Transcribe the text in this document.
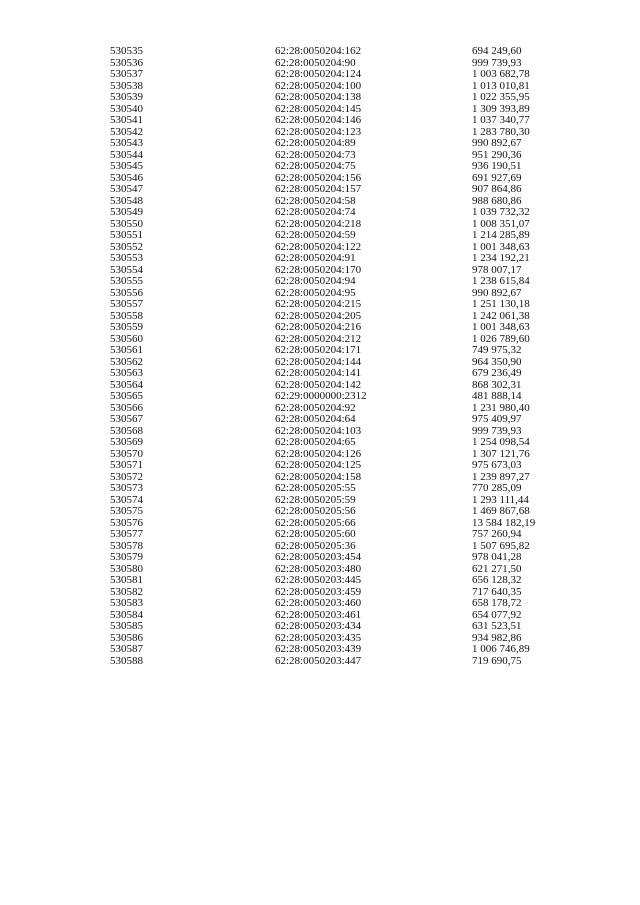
530535	62:28:0050204:162	694 249,60
530536	62:28:0050204:90	999 739,93
530537	62:28:0050204:124	1 003 682,78
530538	62:28:0050204:100	1 013 010,81
530539	62:28:0050204:138	1 022 355,95
530540	62:28:0050204:145	1 309 393,89
530541	62:28:0050204:146	1 037 340,77
530542	62:28:0050204:123	1 283 780,30
530543	62:28:0050204:89	990 892,67
530544	62:28:0050204:73	951 290,36
530545	62:28:0050204:75	936 190,51
530546	62:28:0050204:156	691 927,69
530547	62:28:0050204:157	907 864,86
530548	62:28:0050204:58	988 680,86
530549	62:28:0050204:74	1 039 732,32
530550	62:28:0050204:218	1 008 351,07
530551	62:28:0050204:59	1 214 285,89
530552	62:28:0050204:122	1 001 348,63
530553	62:28:0050204:91	1 234 192,21
530554	62:28:0050204:170	978 007,17
530555	62:28:0050204:94	1 238 615,84
530556	62:28:0050204:95	990 892,67
530557	62:28:0050204:215	1 251 130,18
530558	62:28:0050204:205	1 242 061,38
530559	62:28:0050204:216	1 001 348,63
530560	62:28:0050204:212	1 026 789,60
530561	62:28:0050204:171	749 975,32
530562	62:28:0050204:144	964 350,90
530563	62:28:0050204:141	679 236,49
530564	62:28:0050204:142	868 302,31
530565	62:29:0000000:2312	481 888,14
530566	62:28:0050204:92	1 231 980,40
530567	62:28:0050204:64	975 409,97
530568	62:28:0050204:103	999 739,93
530569	62:28:0050204:65	1 254 098,54
530570	62:28:0050204:126	1 307 121,76
530571	62:28:0050204:125	975 673,03
530572	62:28:0050204:158	1 239 897,27
530573	62:28:0050205:55	770 285,09
530574	62:28:0050205:59	1 293 111,44
530575	62:28:0050205:56	1 469 867,68
530576	62:28:0050205:66	13 584 182,19
530577	62:28:0050205:60	757 260,94
530578	62:28:0050205:36	1 507 695,82
530579	62:28:0050203:454	978 041,28
530580	62:28:0050203:480	621 271,50
530581	62:28:0050203:445	656 128,32
530582	62:28:0050203:459	717 640,35
530583	62:28:0050203:460	658 178,72
530584	62:28:0050203:461	654 077,92
530585	62:28:0050203:434	631 523,51
530586	62:28:0050203:435	934 982,86
530587	62:28:0050203:439	1 006 746,89
530588	62:28:0050203:447	719 690,75
